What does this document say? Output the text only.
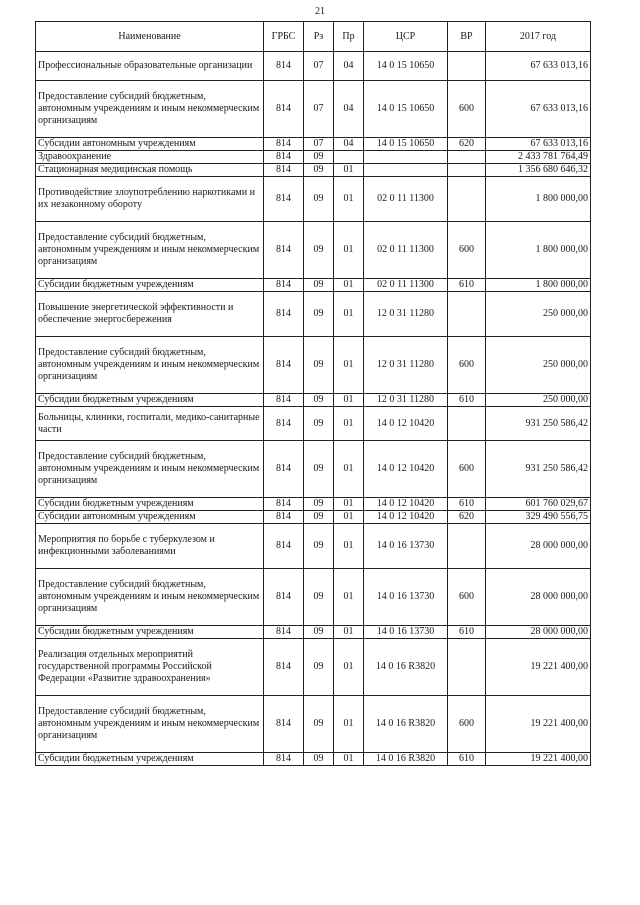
21
Наименование	ГРБС	Рз	Пр	ЦСР	ВР	2017 год
Профессиональные образовательные организации	814	07	04	14 0 15 10650		67 633 013,16
Предоставление субсидий бюджетным, автономным учреждениям и иным некоммерческим организациям	814	07	04	14 0 15 10650	600	67 633 013,16
Субсидии автономным учреждениям	814	07	04	14 0 15 10650	620	67 633 013,16
Здравоохранение	814	09				2 433 781 764,49
Стационарная медицинская помощь	814	09	01			1 356 680 646,32
Противодействие злоупотреблению наркотиками и их незаконному обороту	814	09	01	02 0 11 11300		1 800 000,00
Предоставление субсидий бюджетным, автономным учреждениям и иным некоммерческим организациям	814	09	01	02 0 11 11300	600	1 800 000,00
Субсидии бюджетным учреждениям	814	09	01	02 0 11 11300	610	1 800 000,00
Повышение энергетической эффективности и обеспечение энергосбережения	814	09	01	12 0 31 11280		250 000,00
Предоставление субсидий бюджетным, автономным учреждениям и иным некоммерческим организациям	814	09	01	12 0 31 11280	600	250 000,00
Субсидии бюджетным учреждениям	814	09	01	12 0 31 11280	610	250 000,00
Больницы, клиники, госпитали, медико-санитарные части	814	09	01	14 0 12 10420		931 250 586,42
Предоставление субсидий бюджетным, автономным учреждениям и иным некоммерческим организациям	814	09	01	14 0 12 10420	600	931 250 586,42
Субсидии бюджетным учреждениям	814	09	01	14 0 12 10420	610	601 760 029,67
Субсидии автономным учреждениям	814	09	01	14 0 12 10420	620	329 490 556,75
Мероприятия по борьбе с туберкулезом и инфекционными заболеваниями	814	09	01	14 0 16 13730		28 000 000,00
Предоставление субсидий бюджетным, автономным учреждениям и иным некоммерческим организациям	814	09	01	14 0 16 13730	600	28 000 000,00
Субсидии бюджетным учреждениям	814	09	01	14 0 16 13730	610	28 000 000,00
Реализация отдельных мероприятий государственной программы Российской Федерации «Развитие здравоохранения»	814	09	01	14 0 16 R3820		19 221 400,00
Предоставление субсидий бюджетным, автономным учреждениям и иным некоммерческим организациям	814	09	01	14 0 16 R3820	600	19 221 400,00
Субсидии бюджетным учреждениям	814	09	01	14 0 16 R3820	610	19 221 400,00
